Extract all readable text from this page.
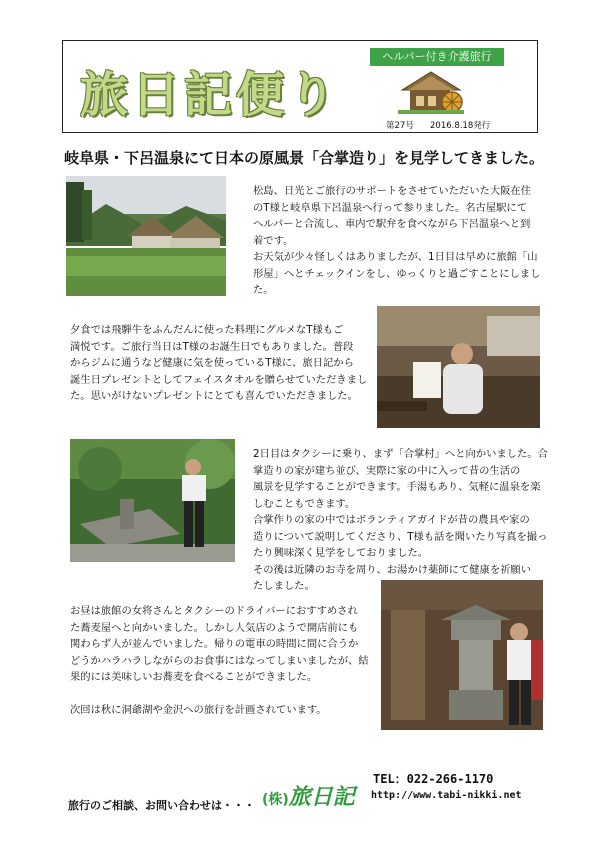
旅日記便り
ヘルパー付き介護旅行
第27号 2016.8.18発行
岐阜県・下呂温泉にて日本の原風景「合掌造り」を見学してきました。

松島、日光とご旅行のサポートをさせていただいた大阪在住

のT様と岐阜県下呂温泉へ行って参りました。名古屋駅にて

ヘルパーと合流し、車内で駅弁を食べながら下呂温泉へと到

着です。

お天気が少々怪しくはありましたが、1日目は早めに旅館「山

形屋」へとチェックインをし、ゆっくりと過ごすことにしました。

夕食では飛騨牛をふんだんに使った料理にグルメなT様もご

満悦です。ご旅行当日はT様のお誕生日でもありました。普段

からジムに通うなど健康に気を使っているT様に、旅日記から

誕生日プレゼントとしてフェイスタオルを贈らせていただきまし

た。思いがけないプレゼントにとても喜んでいただきました。

2日目はタクシーに乗り、まず「合掌村」へと向かいました。合

掌造りの家が建ち並び、実際に家の中に入って昔の生活の

風景を見学することができます。手湯もあり、気軽に温泉を楽

しむこともできます。

合掌作りの家の中ではボランティアガイドが昔の農具や家の

造りについて説明してくださり、T様も話を聞いたり写真を撮っ

たり興味深く見学をしておりました。

その後は近隣のお寺を周り、お湯かけ薬師にて健康を祈願い

たしました。

お昼は旅館の女将さんとタクシーのドライバーにおすすめされ

た蕎麦屋へと向かいました。しかし人気店のようで開店前にも

関わらず人が並んでいました。帰りの電車の時間に間に合うか

どうかハラハラしながらのお食事にはなってしまいましたが、結

果的には美味しいお蕎麦を食べることができました。

次回は秋に洞爺湖や金沢への旅行を計画されています。

旅行のご相談、お問い合わせは・・・ (株)旅日記
TEL：022-266-1170
http://www.tabi-nikki.net
